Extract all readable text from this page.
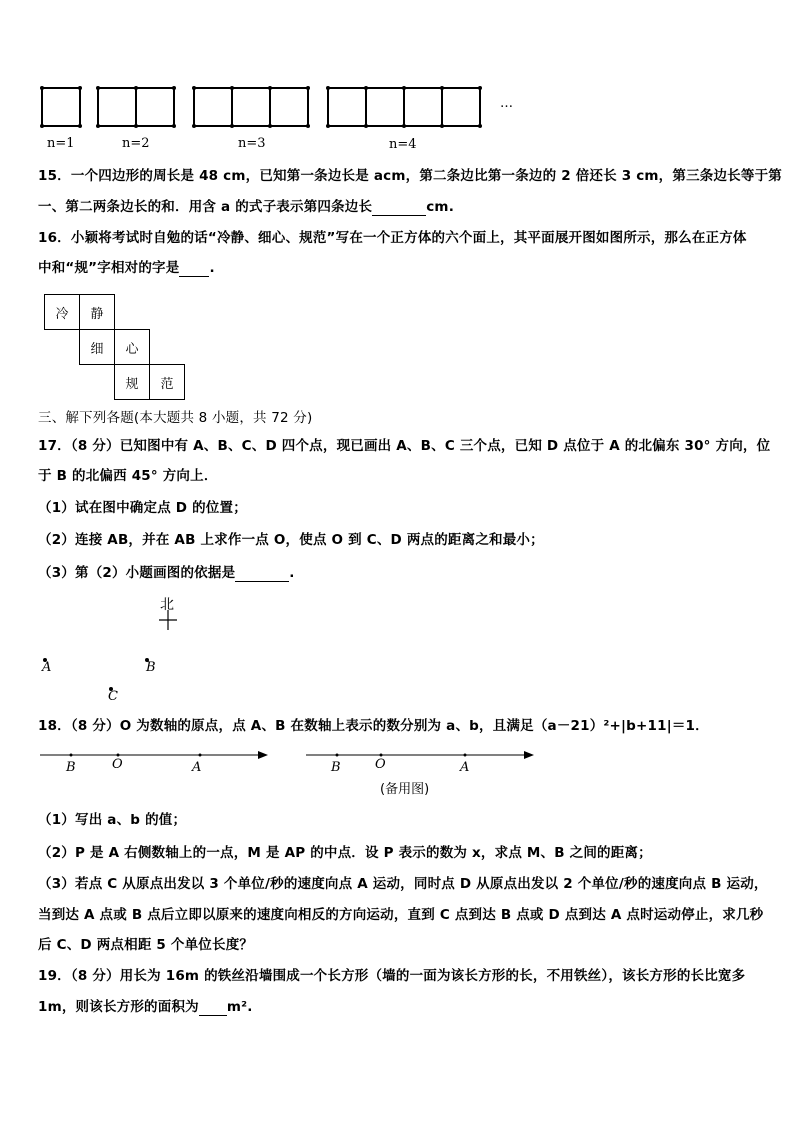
n=1	n=2	n=3	n=4
…
15．一个四边形的周长是 48 cm，已知第一条边长是 acm，第二条边比第一条边的 2 倍还长 3 cm，第三条边长等于第
一、第二两条边长的和．用含 a 的式子表示第四条边长	cm.
16．小颖将考试时自勉的话“冷静、细心、规范”写在一个正方体的六个面上，其平面展开图如图所示，那么在正方体
中和“规”字相对的字是 .
冷	静		
	细	心	
		规	范
三、解下列各题(本大题共 8 小题，共 72 分)
17．（8 分）已知图中有 A、B、C、D 四个点，现已画出 A、B、C 三个点，已知 D 点位于 A 的北偏东 30° 方向，位
于 B 的北偏西 45° 方向上．
（1）试在图中确定点 D 的位置；
（2）连接 AB，并在 AB 上求作一点 O，使点 O 到 C、D 两点的距离之和最小；
（3）第（2）小题画图的依据是	.
北
A	B
C
18．（8 分）O 为数轴的原点，点 A、B 在数轴上表示的数分别为 a、b，且满足（a－21）²+|b+11|＝1．
B	O	A	B	O	A
(备用图)
（1）写出 a、b 的值；
（2）P 是 A 右侧数轴上的一点，M 是 AP 的中点．设 P 表示的数为 x，求点 M、B 之间的距离；
（3）若点 C 从原点出发以 3 个单位/秒的速度向点 A 运动，同时点 D 从原点出发以 2 个单位/秒的速度向点 B 运动，
当到达 A 点或 B 点后立即以原来的速度向相反的方向运动，直到 C 点到达 B 点或 D 点到达 A 点时运动停止，求几秒
后 C、D 两点相距 5 个单位长度？
19．（8 分）用长为 16m 的铁丝沿墙围成一个长方形（墙的一面为该长方形的长，不用铁丝），该长方形的长比宽多
1m，则该长方形的面积为 m².
